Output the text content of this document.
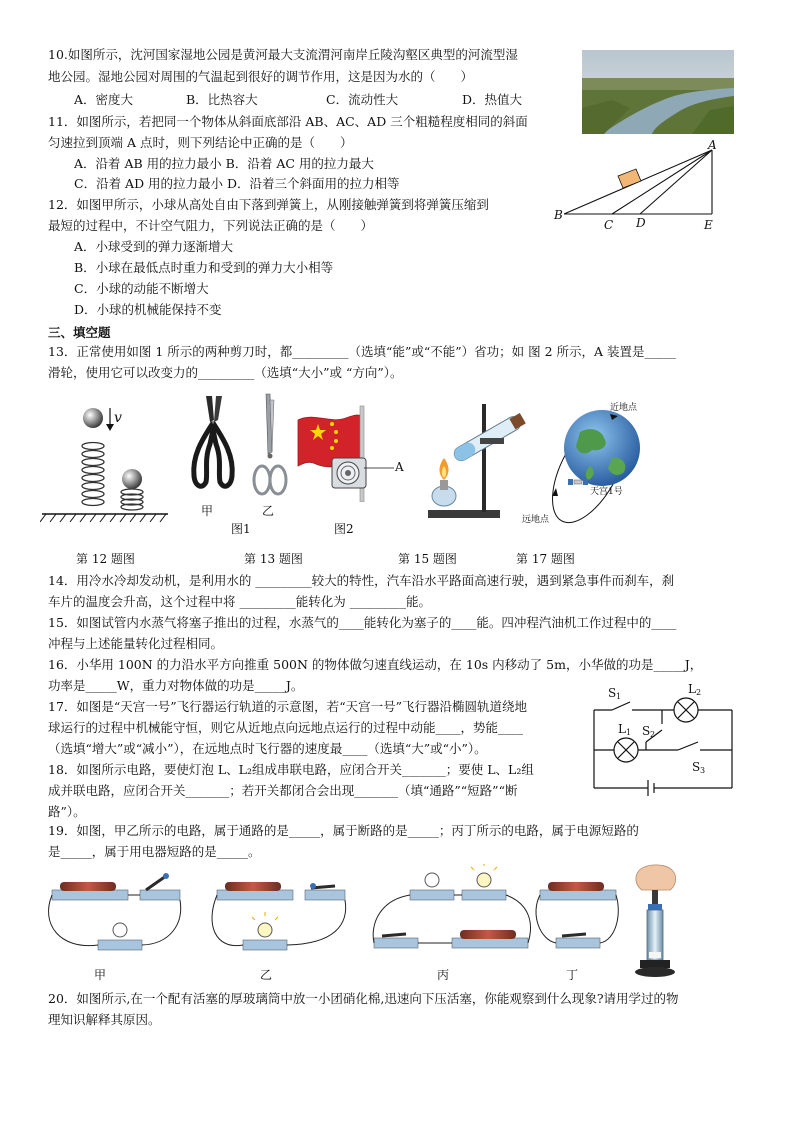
10.如图所示，沈河国家湿地公园是黄河最大支流渭河南岸丘陵沟壑区典型的河流型湿
地公园。湿地公园对周围的气温起到很好的调节作用，这是因为水的（　　）
A．密度大	B．比热容大	C．流动性大	D．热值大
11．如图所示，若把同一个物体从斜面底部沿 AB、AC、AD 三个粗糙程度相同的斜面
匀速拉到顶端 A 点时，则下列结论中正确的是（　　）
A．沿着 AB 用的拉力最小 B．沿着 AC 用的拉力最大
C．沿着 AD 用的拉力最小 D．沿着三个斜面用的拉力相等
A
B
C D	E
12．如图甲所示，小球从高处自由下落到弹簧上，从刚接触弹簧到将弹簧压缩到
最短的过程中，不计空气阻力，下列说法正确的是（　　）
A．小球受到的弹力逐渐增大
B．小球在最低点时重力和受到的弹力大小相等
C．小球的动能不断增大
D．小球的机械能保持不变
三、填空题
13．正常使用如图 1 所示的两种剪刀时，都_________（选填“能”或“不能”）省功；如 图 2 所示，A 装置是_____
滑轮，使用它可以改变力的_________（选填“大小”或 “方向”）。
v
甲	乙
图1
A
图2
近地点
远地点
天宫1号
第 12 题图	第 13 题图	第 15 题图	第 17 题图
14．用冷水冷却发动机，是利用水的 _________较大的特性，汽车沿水平路面高速行驶，遇到紧急事件而刹车，刹
车片的温度会升高，这个过程中将 _________能转化为 _________能。
15．如图试管内水蒸气将塞子推出的过程，水蒸气的____能转化为塞子的____能。四冲程汽油机工作过程中的____
冲程与上述能量转化过程相同。
16．小华用 100N 的力沿水平方向推重 500N 的物体做匀速直线运动，在 10s 内移动了 5m，小华做的功是_____J，
功率是_____W，重力对物体做的功是_____J。
17．如图是“天宫一号”飞行器运行轨道的示意图，若“天宫一号”飞行器沿椭圆轨道绕地
球运行的过程中机械能守恒，则它从近地点向远地点运行的过程中动能____，势能____
（选填“增大”或“减小”），在远地点时飞行器的速度最____（选填“大”或“小”）。
18．如图所示电路，要使灯泡 L、L₂组成串联电路，应闭合开关_______；要使 L、L₂组
成并联电路，应闭合开关_______；若开关都闭合会出现_______（填“通路”“短路”“断
路”）。
S 1
L 2
L 1 S 2
S 3
19．如图，甲乙所示的电路，属于通路的是_____，属于断路的是_____；丙丁所示的电路，属于电源短路的
是_____，属于用电器短路的是_____。
甲	乙	丙	丁
20．如图所示,在一个配有活塞的厚玻璃筒中放一小团硝化棉,迅速向下压活塞，你能观察到什么现象?请用学过的物
理知识解释其原因。
